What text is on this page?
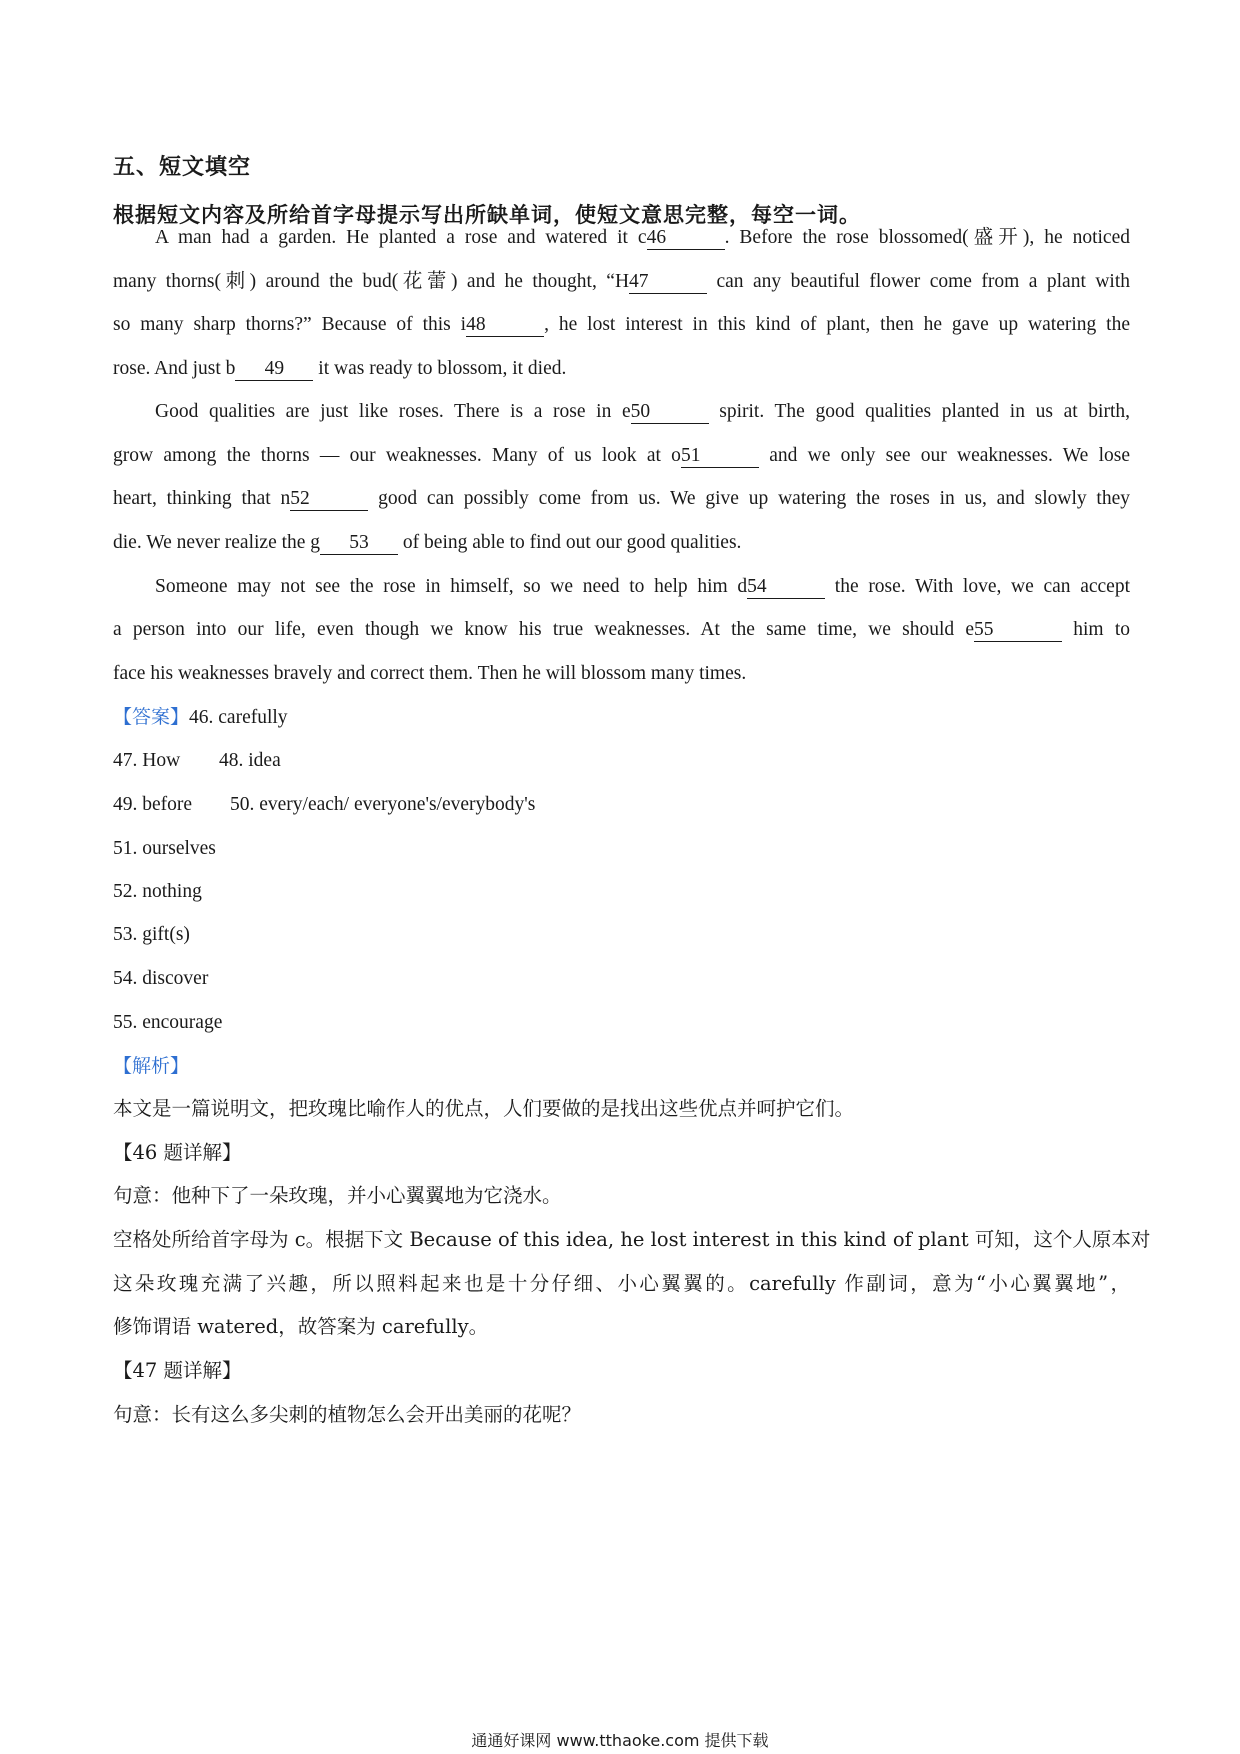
五、短文填空
根据短文内容及所给首字母提示写出所缺单词，使短文意思完整，每空一词。
A man had a garden. He planted a rose and watered it c46	. Before the rose blossomed(盛开), he noticed
many thorns(刺) around the bud(花蕾) and he thought, “H47	can any beautiful flower come from a plant with
so many sharp thorns?” Because of this i48	, he lost interest in this kind of plant, then he gave up watering the
rose. And just b 49 it was ready to blossom, it died.
Good qualities are just like roses. There is a rose in e50	spirit. The good qualities planted in us at birth,
grow among the thorns — our weaknesses. Many of us look at o51	and we only see our weaknesses. We lose
heart, thinking that n52	good can possibly come from us. We give up watering the roses in us, and slowly they
die. We never realize the g 53 of being able to find out our good qualities.
Someone may not see the rose in himself, so we need to help him d54	the rose. With love, we can accept
a person into our life, even though we know his true weaknesses. At the same time, we should e55	him to
face his weaknesses bravely and correct them. Then he will blossom many times.
【答案】46. carefully
47. How 48. idea
49. before 50. every/each/ everyone's/everybody's
51. ourselves
52. nothing
53. gift(s)
54. discover
55. encourage
【解析】
本文是一篇说明文，把玫瑰比喻作人的优点，人们要做的是找出这些优点并呵护它们。
【46 题详解】
句意：他种下了一朵玫瑰，并小心翼翼地为它浇水。
空格处所给首字母为 c。根据下文 Because of this idea, he lost interest in this kind of plant 可知，这个人原本对
这朵玫瑰充满了兴趣，所以照料起来也是十分仔细、小心翼翼的。carefully 作副词，意为“小心翼翼地”，
修饰谓语 watered，故答案为 carefully。
【47 题详解】
句意：长有这么多尖刺的植物怎么会开出美丽的花呢？
通通好课网 www.tthaoke.com 提供下载
